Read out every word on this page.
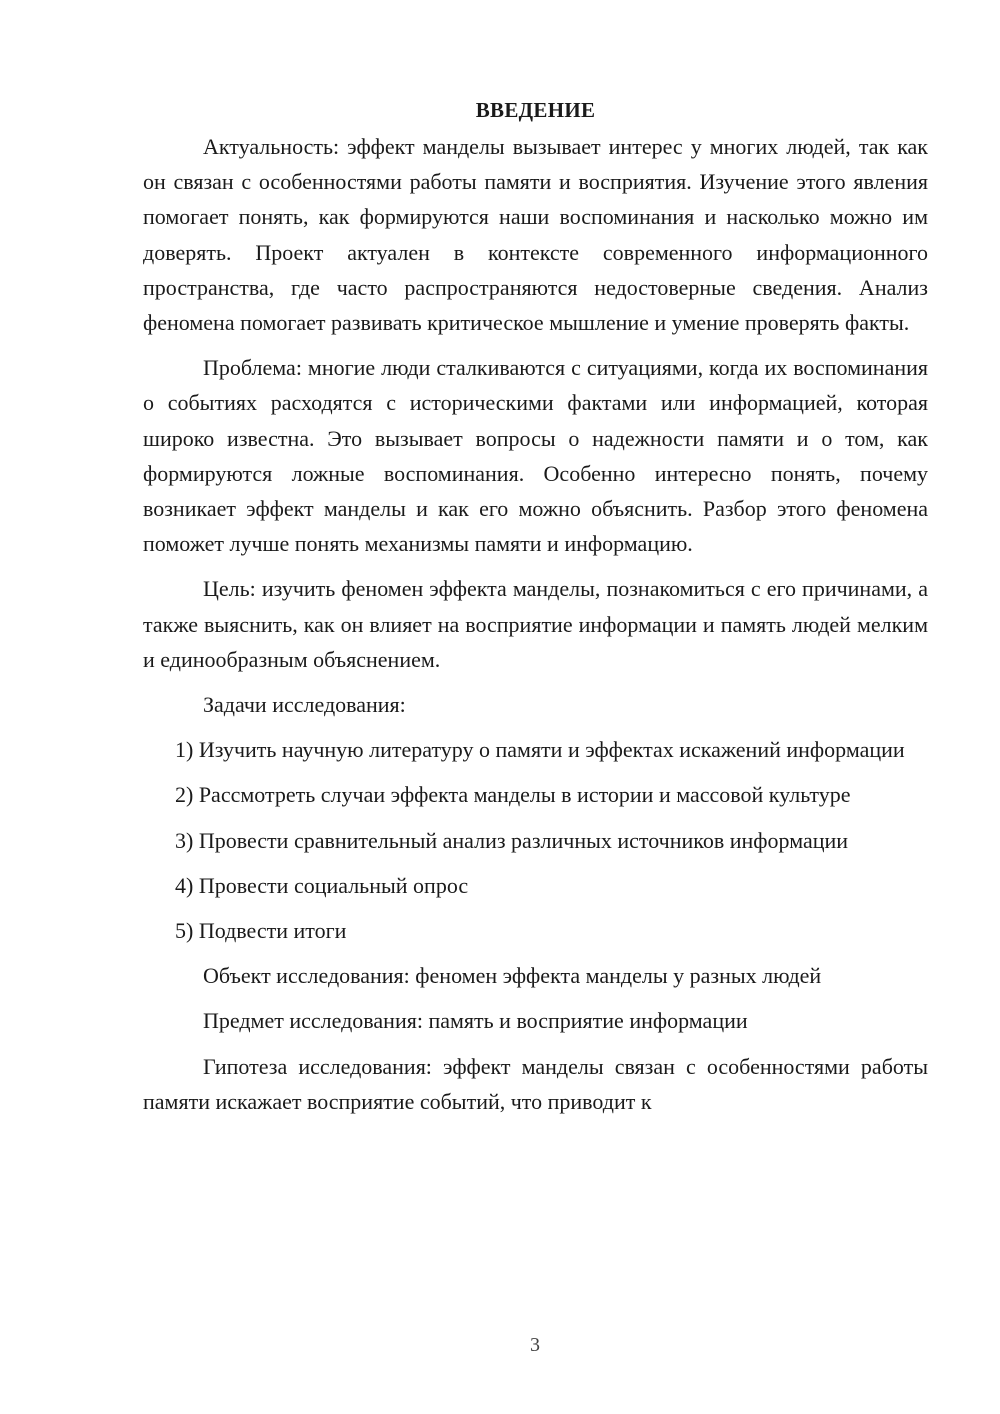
ВВЕДЕНИЕ

Актуальность: эффект манделы вызывает интерес у многих людей, так как он связан с особенностями работы памяти и восприятия. Изучение этого явления помогает понять, как формируются наши воспоминания и насколько можно им доверять. Проект актуален в контексте современного информационного пространства, где часто распространяются недостоверные сведения. Анализ феномена помогает развивать критическое мышление и умение проверять факты.

Проблема: многие люди сталкиваются с ситуациями, когда их воспоминания о событиях расходятся с историческими фактами или информацией, которая широко известна. Это вызывает вопросы о надежности памяти и о том, как формируются ложные воспоминания. Особенно интересно понять, почему возникает эффект манделы и как его можно объяснить. Разбор этого феномена поможет лучше понять механизмы памяти и информацию.

Цель: изучить феномен эффекта манделы, познакомиться с его причинами, а также выяснить, как он влияет на восприятие информации и память людей мелким и единообразным объяснением.

Задачи исследования:

1) Изучить научную литературу о памяти и эффектах искажений информации

2) Рассмотреть случаи эффекта манделы в истории и массовой культуре

3) Провести сравнительный анализ различных источников информации

4) Провести социальный опрос

5) Подвести итоги

Объект исследования: феномен эффекта манделы у разных людей

Предмет исследования: память и восприятие информации

Гипотеза исследования: эффект манделы связан с особенностями работы памяти искажает восприятие событий, что приводит к

3
